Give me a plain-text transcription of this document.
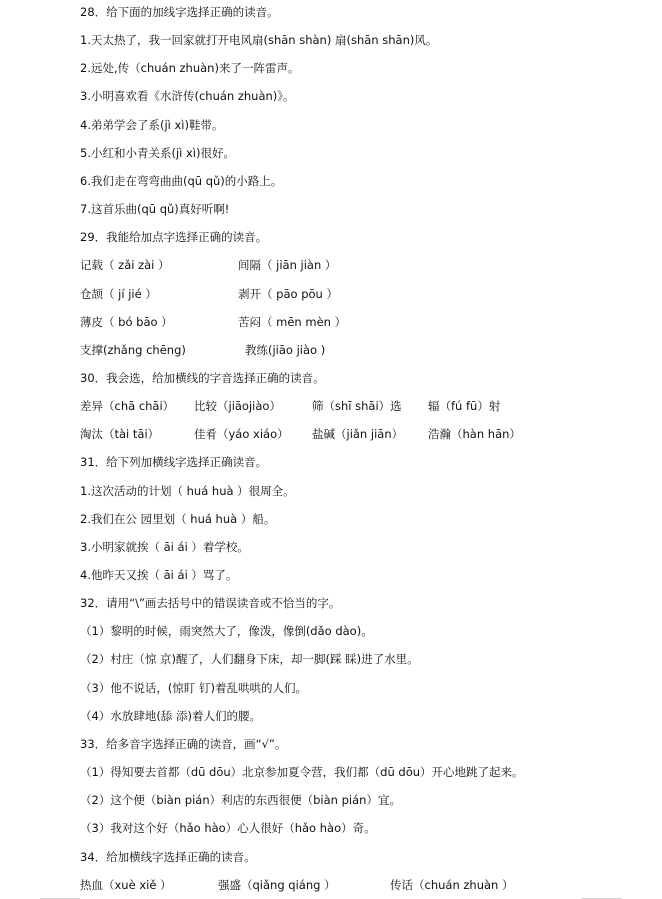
28．给下面的加线字选择正确的读音。
1.天太热了，我一回家就打开电风扇(shān shàn) 扇(shān shān)风。
2.远处,传（chuán zhuàn)来了一阵雷声。
3.小明喜欢看《水浒传(chuán zhuàn)》。
4.弟弟学会了系(jì xì)鞋带。
5.小红和小青关系(jì xì)很好。
6.我们走在弯弯曲曲(qū qǔ)的小路上。
7.这首乐曲(qū qǔ)真好听啊!
29．我能给加点字选择正确的读音。
记载（ zǎi zài ）	间隔（ jiān jiàn ）
仓颉（ jí jié ）	剥开（ pāo pōu ）
薄皮（ bó bāo ）	苦闷（ mēn mèn ）
支撑(zhǎng chēng)	教练(jiāo jiào )
30．我会选，给加横线的字音选择正确的读音。
差异（chā chāi）	比较（jiāojiào）	筛（shī shāi）选	辐（fú fū）射
淘汰（tài tāi）	佳肴（yáo xiáo）	盐碱（jiǎn jiān）	浩瀚（hàn hān）
31．给下列加横线字选择正确读音。
1.这次活动的计划（ huá huà ）很周全。
2.我们在公 园里划（ huá huà ）船。
3.小明家就挨（ āi ái ）着学校。
4.他昨天又挨（ āi ái ）骂了。
32．请用“\”画去括号中的错误读音或不恰当的字。
（1）黎明的时候，雨突然大了，像泼，像倒(dǎo dào)。
（2）村庄（惊 京)醒了，人们翻身下床，却一脚(踩 睬)进了水里。
（3）他不说话，(惊盯 钉)着乱哄哄的人们。
（4）水放肆地(舔 添)着人们的腰。
33．给多音字选择正确的读音，画“√”。
（1）得知要去首都（dū dōu）北京参加夏令营，我们都（dū dōu）开心地跳了起来。
（2）这个便（biàn pián）利店的东西很便（biàn pián）宜。
（3）我对这个好（hǎo hào）心人很好（hǎo hào）奇。
34．给加横线字选择正确的读音。
热血（xuè xiě ）	强盛（qiǎng qiáng ）	传话（chuán zhuàn ）
